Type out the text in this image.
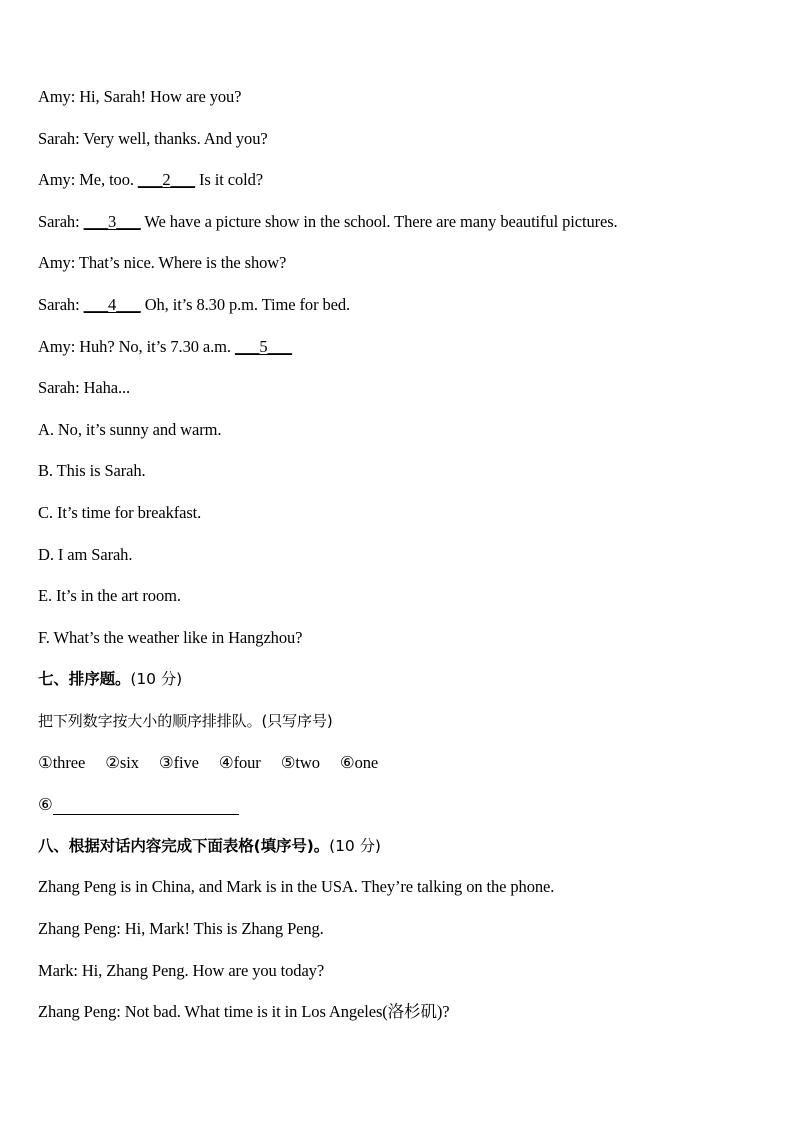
Amy: Hi, Sarah! How are you?
Sarah: Very well, thanks. And you?
Amy: Me, too. ___2___ Is it cold?
Sarah: ___3___ We have a picture show in the school. There are many beautiful pictures.
Amy: That’s nice. Where is the show?
Sarah: ___4___ Oh, it’s 8.30 p.m. Time for bed.
Amy: Huh? No, it’s 7.30 a.m. ___5___
Sarah: Haha...
A. No, it’s sunny and warm.
B. This is Sarah.
C. It’s time for breakfast.
D. I am Sarah.
E. It’s in the art room.
F. What’s the weather like in Hangzhou?
七、排序题。(10 分)
把下列数字按大小的顺序排排队。(只写序号)
①three ②six ③five ④four ⑤two ⑥one
⑥
八、根据对话内容完成下面表格(填序号)。(10 分)
Zhang Peng is in China, and Mark is in the USA. They’re talking on the phone.
Zhang Peng: Hi, Mark! This is Zhang Peng.
Mark: Hi, Zhang Peng. How are you today?
Zhang Peng: Not bad. What time is it in Los Angeles(洛杉矶)?
